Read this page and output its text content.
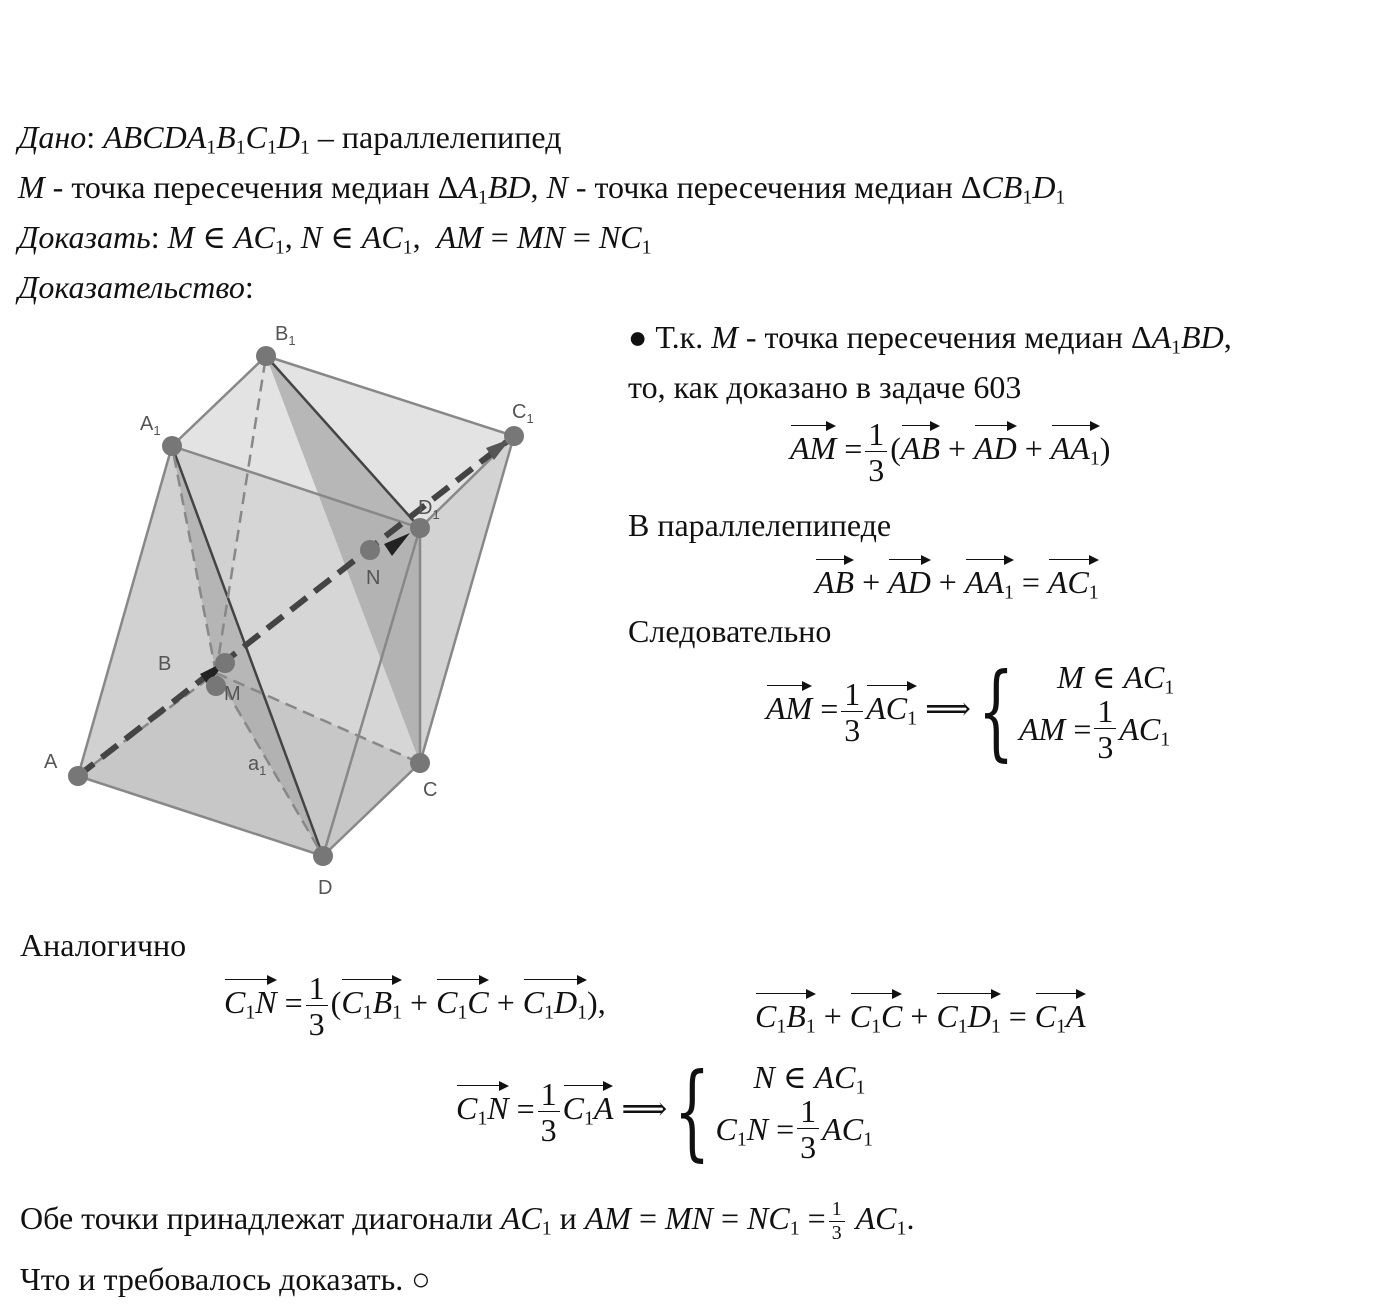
Дано: $ABCDA_1B_1C_1D_1$ – параллелепипед
M - точка пересечения медиан $\Delta A_1BD$, N - точка пересечения медиан $\Delta CB_1D_1$
Доказать: M ∈ $AC_1$, N ∈ $AC_1$,  AM = MN = $NC_1$
Доказательство:
A
B
C
D
$A_1$
$B_1$
$C_1$
$D_1$
M
N
$a_1$
● Т.к. M - точка пересечения медиан $\Delta A_1BD$,
то, как доказано в задаче 603
AM = $\frac{1}{3} (AB$ + AD + $AA_1$)
В параллелепипеде
AB + AD + $AA_1 = AC_1$
Следовательно
AM = $\frac{1}{3} AC_1$ ⟹ {	M ∈ $AC_1$
AM = $\frac{1}{3} AC_1$
Аналогично
$C_1N = \frac{1}{3} (C_1B_1 + C_1C + C_1D_1)$,	$C_1B_1 + C_1C + C_1D_1 = C_1A$
$C_1N = \frac{1}{3} C_1A$ ⟹ {	N ∈ $AC_1$
$C_1N = \frac{1}{3} AC_1$
Обе точки принадлежат диагонали $AC_1$ и AM = MN = $NC_1 = \frac{1}{3} AC_1$.
Что и требовалось доказать. ○
